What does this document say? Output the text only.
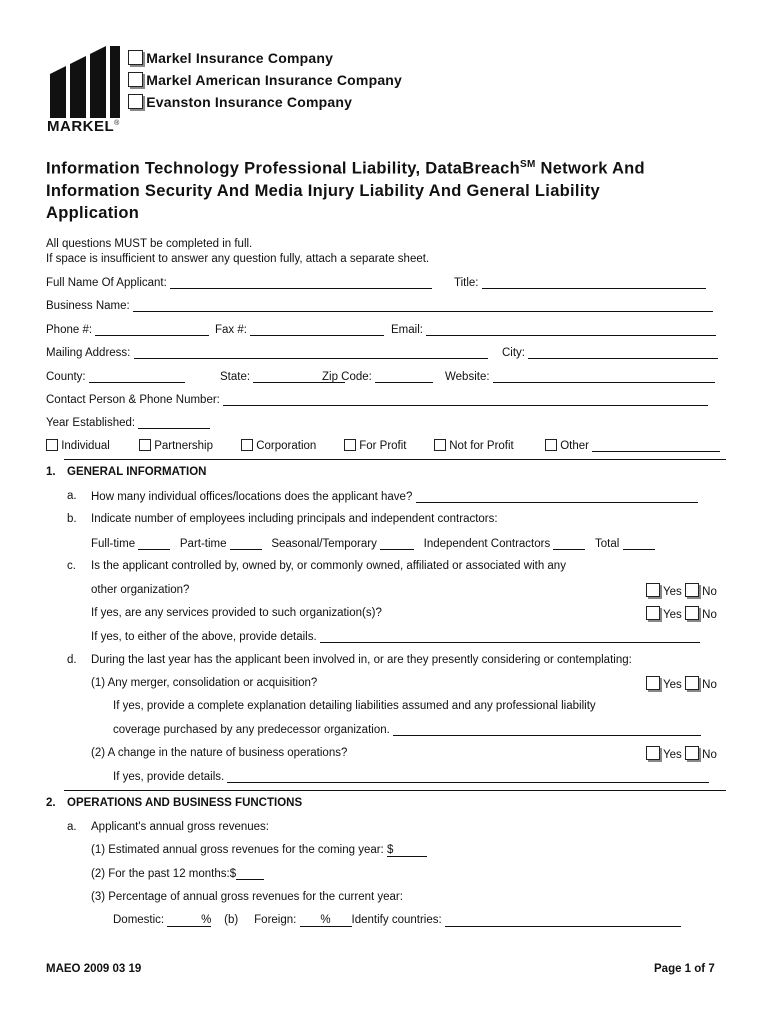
MARKEL®
Markel Insurance Company
Markel American Insurance Company
Evanston Insurance Company
Information Technology Professional Liability, DataBreach℠ Network And
Information Security And Media Injury Liability And General Liability
Application
All questions MUST be completed in full.
If space is insufficient to answer any question fully, attach a separate sheet.
Full Name Of Applicant:	Title:
Business Name:
Phone #:	Fax #:	Email:
Mailing Address:	City:
County:	State:	Zip Code:	Website:
Contact Person & Phone Number:
Year Established:
Individual	Partnership	Corporation	For Profit	Not for Profit	Other
1. GENERAL INFORMATION
a. How many individual offices/locations does the applicant have?
b. Indicate number of employees including principals and independent contractors:
Full-time	Part-time	Seasonal/Temporary	Independent Contractors	Total
c. Is the applicant controlled by, owned by, or commonly owned, affiliated or associated with any
other organization?	Yes No
If yes, are any services provided to such organization(s)?	Yes No
If yes, to either of the above, provide details.
d. During the last year has the applicant been involved in, or are they presently considering or contemplating:
(1) Any merger, consolidation or acquisition?	Yes No
If yes, provide a complete explanation detailing liabilities assumed and any professional liability
coverage purchased by any predecessor organization.
(2) A change in the nature of business operations?	Yes No
If yes, provide details.
2. OPERATIONS AND BUSINESS FUNCTIONS
a. Applicant's annual gross revenues:
(1) Estimated annual gross revenues for the coming year: $
(2) For the past 12 months:$
(3) Percentage of annual gross revenues for the current year:
Domestic:	% (b) Foreign: % Identify countries:
MAEO 2009 03 19	Page 1 of 7
